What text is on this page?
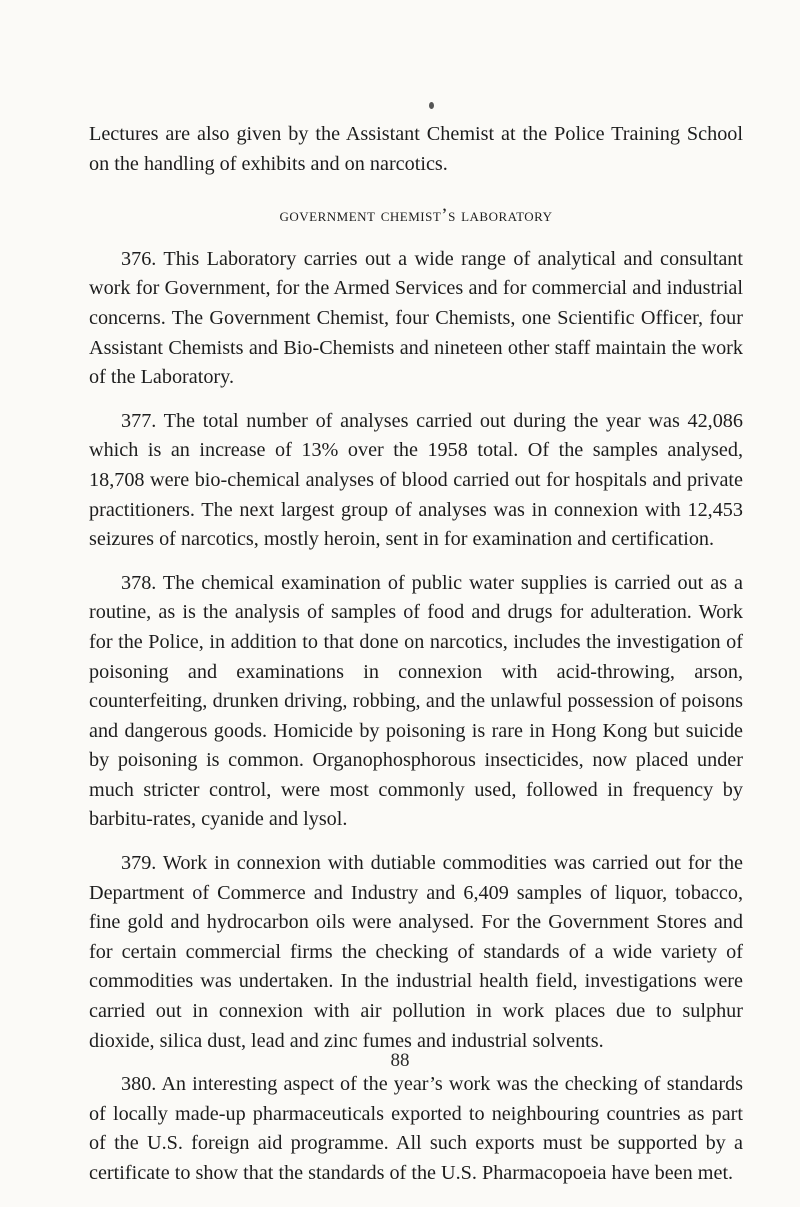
Lectures are also given by the Assistant Chemist at the Police Training School on the handling of exhibits and on narcotics.

government chemist’s laboratory

376. This Laboratory carries out a wide range of analytical and consultant work for Government, for the Armed Services and for commercial and industrial concerns. The Government Chemist, four Chemists, one Scientific Officer, four Assistant Chemists and Bio-Chemists and nineteen other staff maintain the work of the Laboratory.

377. The total number of analyses carried out during the year was 42,086 which is an increase of 13% over the 1958 total. Of the samples analysed, 18,708 were bio-chemical analyses of blood carried out for hospitals and private practitioners. The next largest group of analyses was in connexion with 12,453 seizures of narcotics, mostly heroin, sent in for examination and certification.

378. The chemical examination of public water supplies is carried out as a routine, as is the analysis of samples of food and drugs for adulteration. Work for the Police, in addition to that done on narcotics, includes the investigation of poisoning and examinations in connexion with acid-throwing, arson, counterfeiting, drunken driving, robbing, and the unlawful possession of poisons and dangerous goods. Homicide by poisoning is rare in Hong Kong but suicide by poisoning is common. Organophosphorous insecticides, now placed under much stricter control, were most commonly used, followed in frequency by barbitu-rates, cyanide and lysol.

379. Work in connexion with dutiable commodities was carried out for the Department of Commerce and Industry and 6,409 samples of liquor, tobacco, fine gold and hydrocarbon oils were analysed. For the Government Stores and for certain commercial firms the checking of standards of a wide variety of commodities was undertaken. In the industrial health field, investigations were carried out in connexion with air pollution in work places due to sulphur dioxide, silica dust, lead and zinc fumes and industrial solvents.

380. An interesting aspect of the year’s work was the checking of standards of locally made-up pharmaceuticals exported to neighbouring countries as part of the U.S. foreign aid programme. All such exports must be supported by a certificate to show that the standards of the U.S. Pharmacopoeia have been met.

88
